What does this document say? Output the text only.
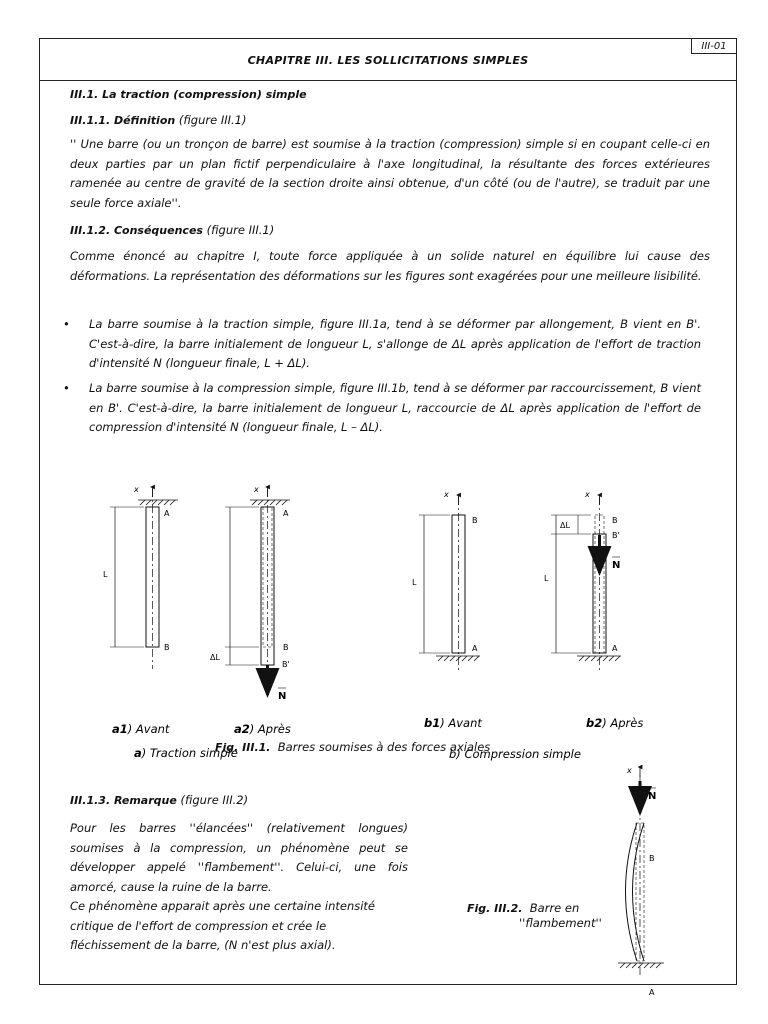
III-01
CHAPITRE III. LES SOLLICITATIONS SIMPLES
III.1. La traction (compression) simple
III.1.1. Définition (figure III.1)

'' Une barre (ou un tronçon de barre) est soumise à la traction (compression) simple si en coupant celle-ci en deux parties par un plan fictif perpendiculaire à l'axe longitudinal, la résultante des forces extérieures ramenée au centre de gravité de la section droite ainsi obtenue, d'un côté (ou de l'autre), se traduit par une seule force axiale''.

III.1.2. Conséquences (figure III.1)

Comme énoncé au chapitre I, toute force appliquée à un solide naturel en équilibre lui cause des déformations. La représentation des déformations sur les figures sont exagérées pour une meilleure lisibilité.

• La barre soumise à la traction simple, figure III.1a, tend à se déformer par allongement, B vient en B'. C'est-à-dire, la barre initialement de longueur L, s'allonge de ΔL après application de l'effort de traction d'intensité N (longueur finale, L + ΔL).
• La barre soumise à la compression simple, figure III.1b, tend à se déformer par raccourcissement, B vient en B'. C'est-à-dire, la barre initialement de longueur L, raccourcie de ΔL après application de l'effort de compression d'intensité N (longueur finale, L – ΔL).
x
A
B
L
x
A
B
B'
ΔL
N
x
B
A
L
x
B
B'
A
ΔL
L
N
a1) Avant	a2) Après	b1) Avant	b2) Après
a) Traction simple	b) Compression simple
Fig. III.1. Barres soumises à des forces axiales
III.1.3. Remarque (figure III.2)

Pour les barres ''élancées'' (relativement longues) soumises à la compression, un phénomène peut se développer appelé ''flambement''. Celui-ci, une fois amorcé, cause la ruine de la barre.

Ce phénomène apparait après une certaine intensité critique de l'effort de compression et crée le fléchissement de la barre, (N n'est plus axial).

Fig. III.2. Barre en
''flambement''
x
N
B
A
